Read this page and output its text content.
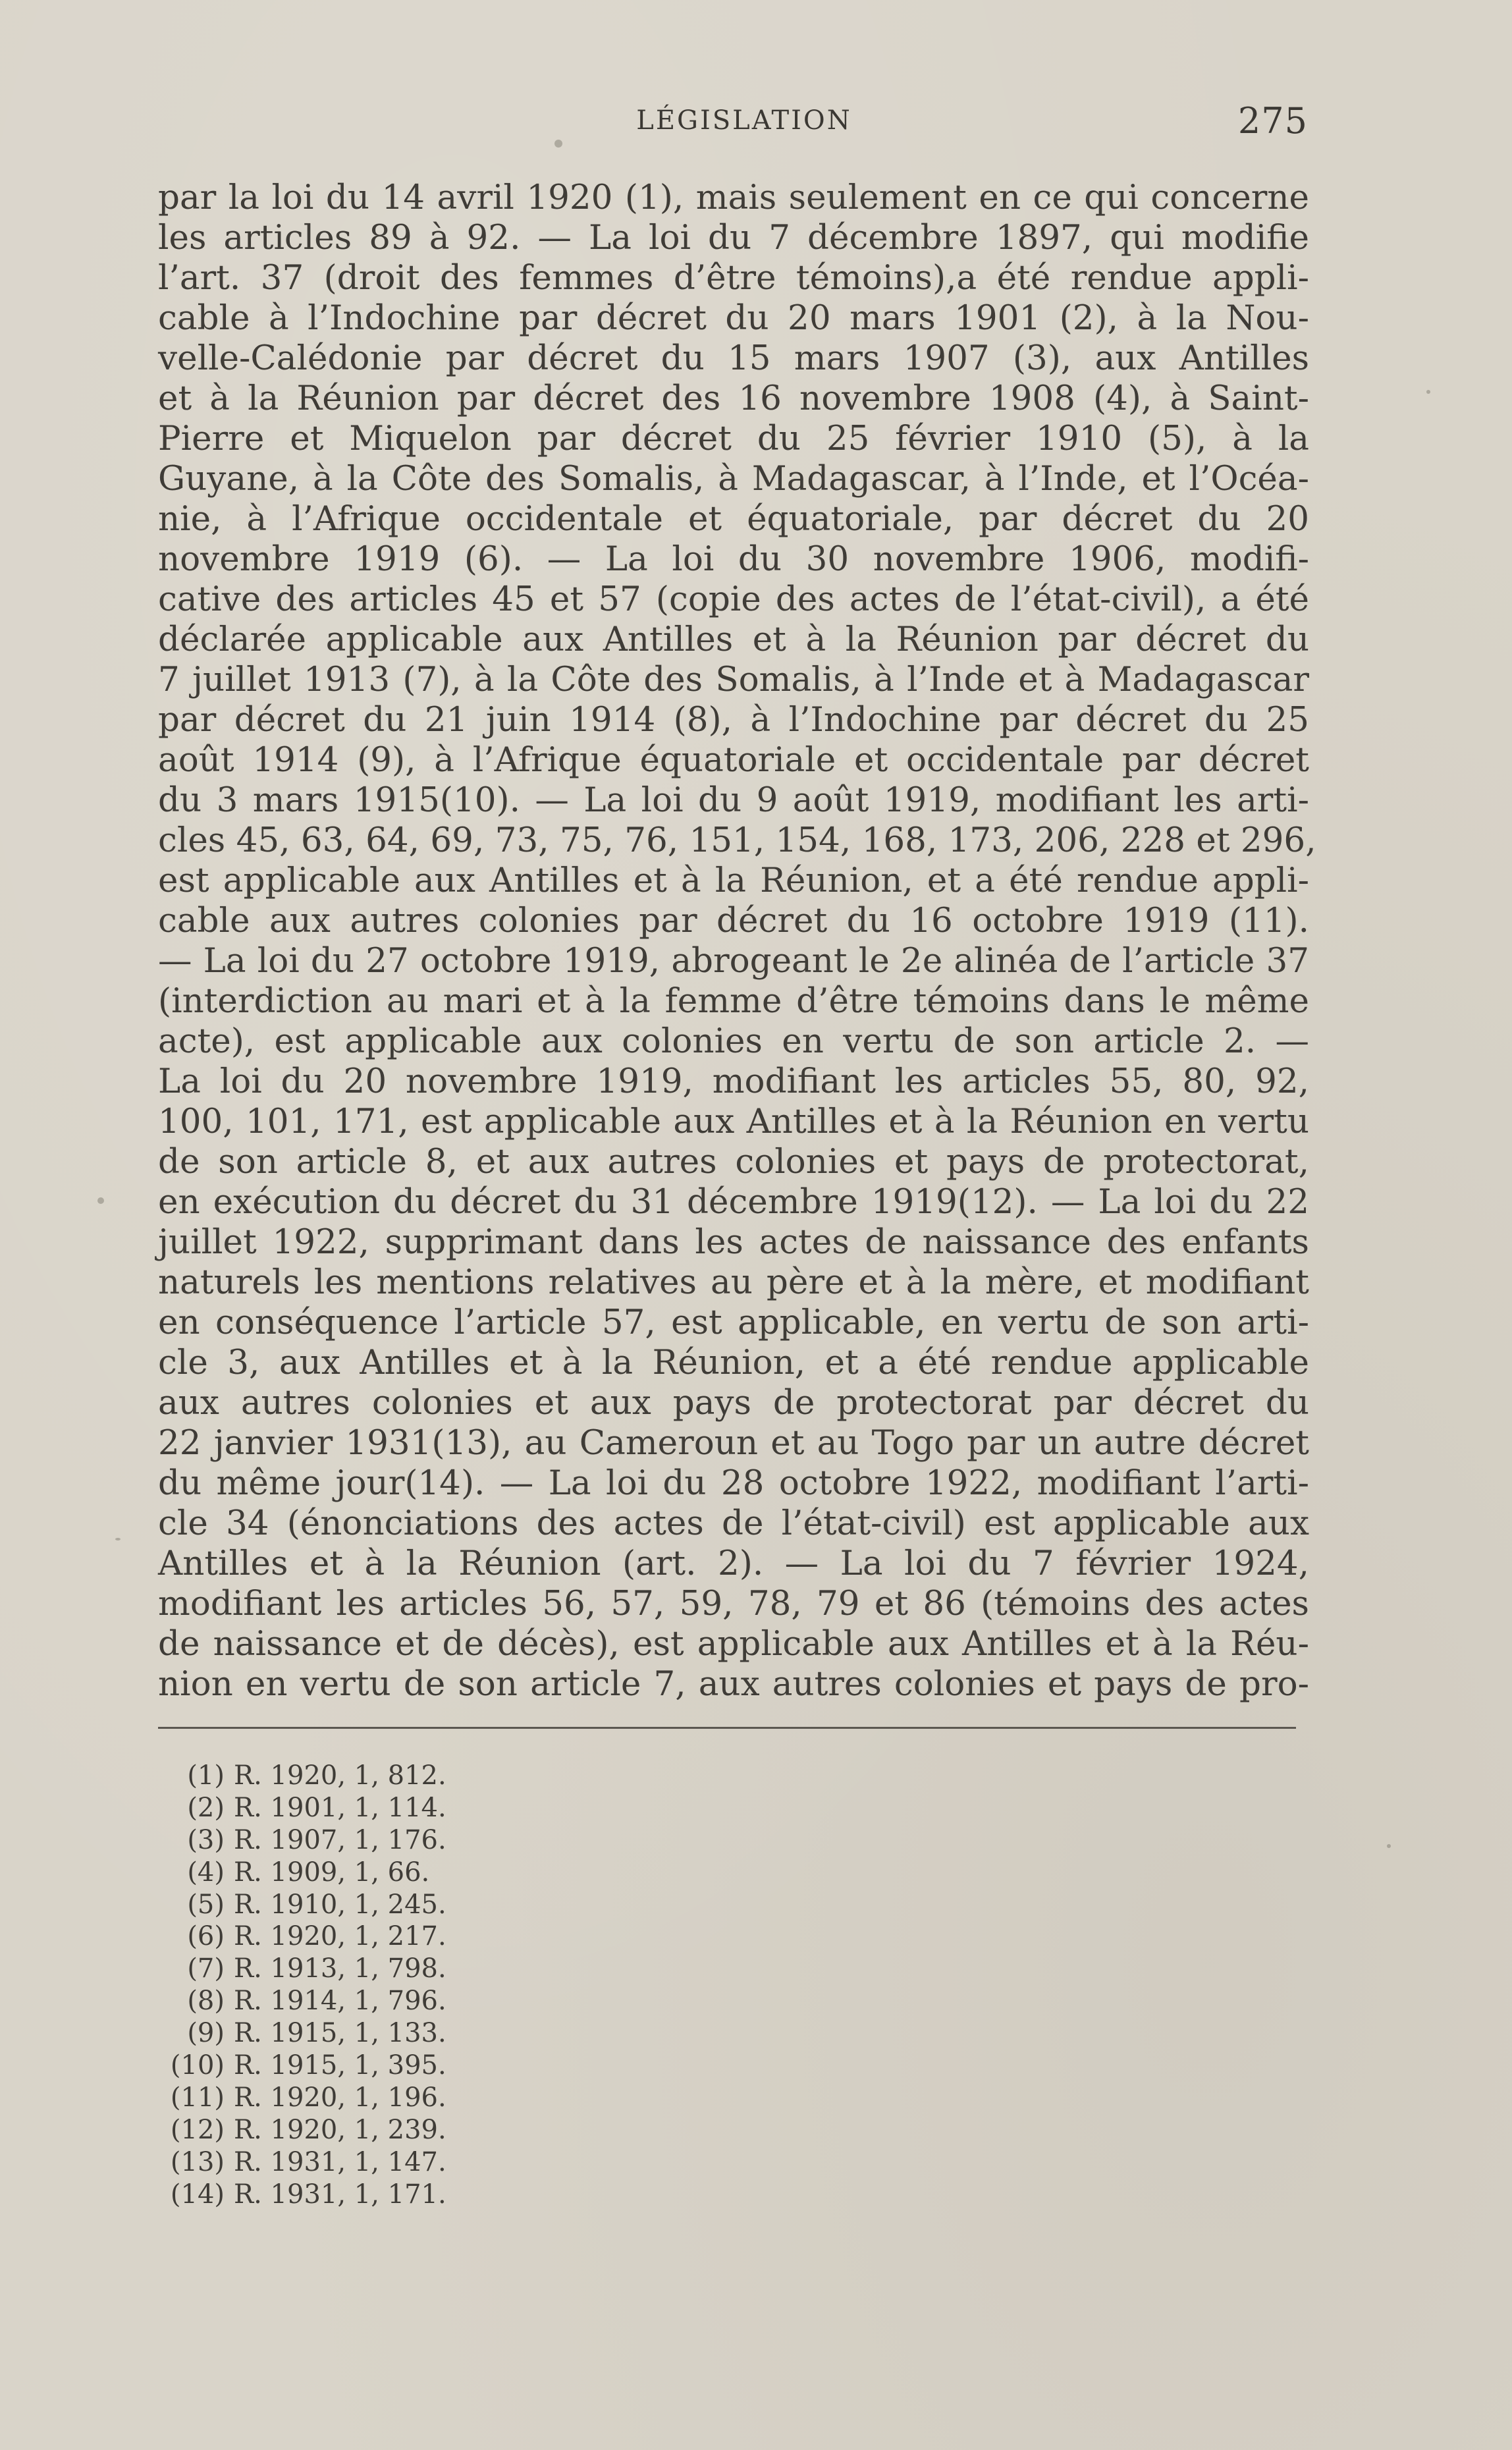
LÉGISLATION	275
par la loi du 14 avril 1920 (1), mais seulement en ce qui concerne
les articles 89 à 92. — La loi du 7 décembre 1897, qui modifie
l’art. 37 (droit des femmes d’être témoins),a été rendue appli-
cable à l’Indochine par décret du 20 mars 1901 (2), à la Nou-
velle-Calédonie par décret du 15 mars 1907 (3), aux Antilles
et à la Réunion par décret des 16 novembre 1908 (4), à Saint-
Pierre et Miquelon par décret du 25 février 1910 (5), à la
Guyane, à la Côte des Somalis, à Madagascar, à l’Inde, et l’Océa-
nie, à l’Afrique occidentale et équatoriale, par décret du 20
novembre 1919 (6). — La loi du 30 novembre 1906, modifi-
cative des articles 45 et 57 (copie des actes de l’état-civil), a été
déclarée applicable aux Antilles et à la Réunion par décret du
7 juillet 1913 (7), à la Côte des Somalis, à l’Inde et à Madagascar
par décret du 21 juin 1914 (8), à l’Indochine par décret du 25
août 1914 (9), à l’Afrique équatoriale et occidentale par décret
du 3 mars 1915(10). — La loi du 9 août 1919, modifiant les arti-
cles 45, 63, 64, 69, 73, 75, 76, 151, 154, 168, 173, 206, 228 et 296,
est applicable aux Antilles et à la Réunion, et a été rendue appli-
cable aux autres colonies par décret du 16 octobre 1919 (11).
— La loi du 27 octobre 1919, abrogeant le 2e alinéa de l’article 37
(interdiction au mari et à la femme d’être témoins dans le même
acte), est applicable aux colonies en vertu de son article 2. —
La loi du 20 novembre 1919, modifiant les articles 55, 80, 92,
100, 101, 171, est applicable aux Antilles et à la Réunion en vertu
de son article 8, et aux autres colonies et pays de protectorat,
en exécution du décret du 31 décembre 1919(12). — La loi du 22
juillet 1922, supprimant dans les actes de naissance des enfants
naturels les mentions relatives au père et à la mère, et modifiant
en conséquence l’article 57, est applicable, en vertu de son arti-
cle 3, aux Antilles et à la Réunion, et a été rendue applicable
aux autres colonies et aux pays de protectorat par décret du
22 janvier 1931(13), au Cameroun et au Togo par un autre décret
du même jour(14). — La loi du 28 octobre 1922, modifiant l’arti-
cle 34 (énonciations des actes de l’état-civil) est applicable aux
Antilles et à la Réunion (art. 2). — La loi du 7 février 1924,
modifiant les articles 56, 57, 59, 78, 79 et 86 (témoins des actes
de naissance et de décès), est applicable aux Antilles et à la Réu-
nion en vertu de son article 7, aux autres colonies et pays de pro-
(1) R. 1920, 1, 812.
(2) R. 1901, 1, 114.
(3) R. 1907, 1, 176.
(4) R. 1909, 1, 66.
(5) R. 1910, 1, 245.
(6) R. 1920, 1, 217.
(7) R. 1913, 1, 798.
(8) R. 1914, 1, 796.
(9) R. 1915, 1, 133.
(10) R. 1915, 1, 395.
(11) R. 1920, 1, 196.
(12) R. 1920, 1, 239.
(13) R. 1931, 1, 147.
(14) R. 1931, 1, 171.
